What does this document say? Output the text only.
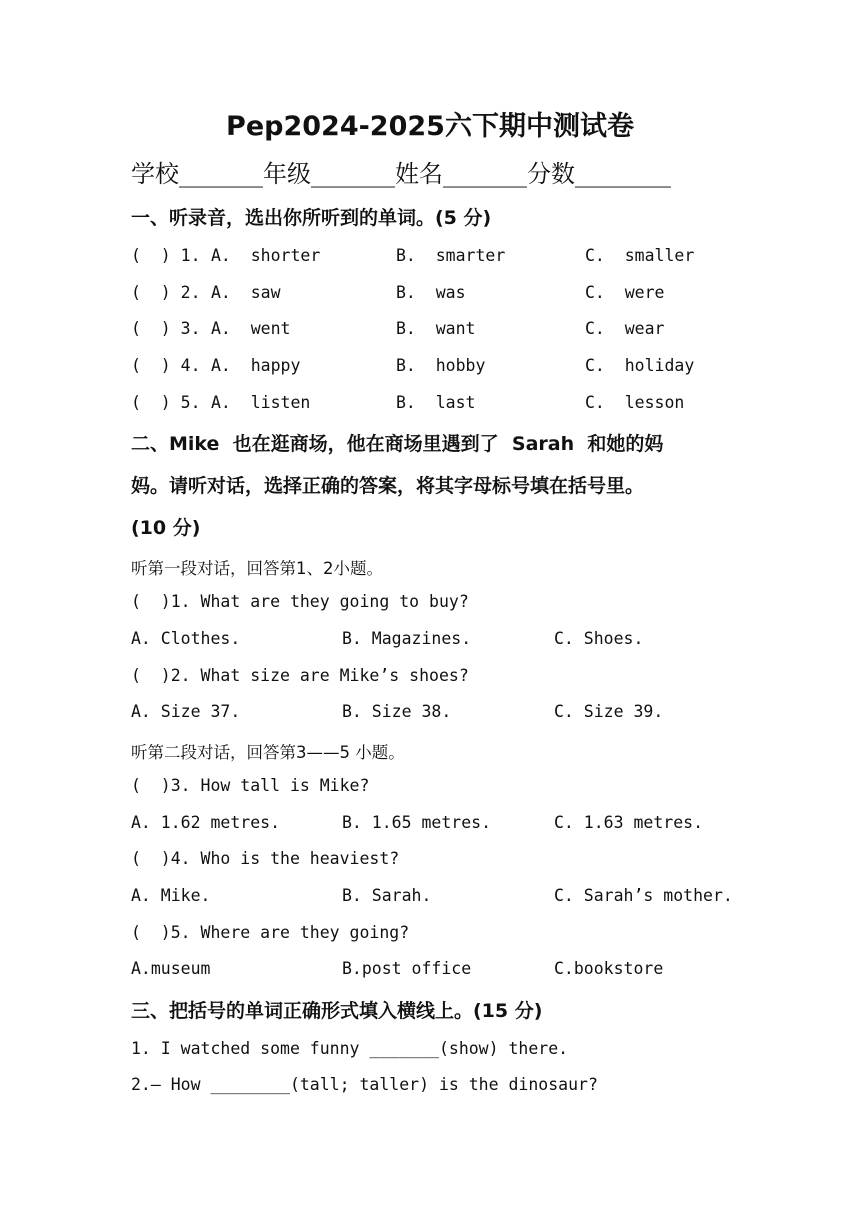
Pep2024-2025六下期中测试卷
学校_______年级_______姓名_______分数________
一、听录音，选出你所听到的单词。(5 分)
(  ) 1. A.  shorter	B.  smarter	C.  smaller
(  ) 2. A.  saw	B.  was	C.  were
(  ) 3. A.  went	B.  want	C.  wear
(  ) 4. A.  happy	B.  hobby	C.  holiday
(  ) 5. A.  listen	B.  last	C.  lesson
二、Mike  也在逛商场，他在商场里遇到了  Sarah  和她的妈
妈。请听对话，选择正确的答案，将其字母标号填在括号里。
(10 分)
听第一段对话，回答第1、2小题。
(  )1. What are they going to buy?
A. Clothes.	B. Magazines.	C. Shoes.
(  )2. What size are Mike’s shoes?
A. Size 37.	B. Size 38.	C. Size 39.
听第二段对话，回答第3——5 小题。
(  )3. How tall is Mike?
A. 1.62 metres.	B. 1.65 metres.	C. 1.63 metres.
(  )4. Who is the heaviest?
A. Mike.	B. Sarah.	C. Sarah’s mother.
(  )5. Where are they going?
A.museum	B.post office	C.bookstore
三、把括号的单词正确形式填入横线上。(15 分)
1. I watched some funny _______(show) there.
2.— How ________(tall; taller) is the dinosaur?
